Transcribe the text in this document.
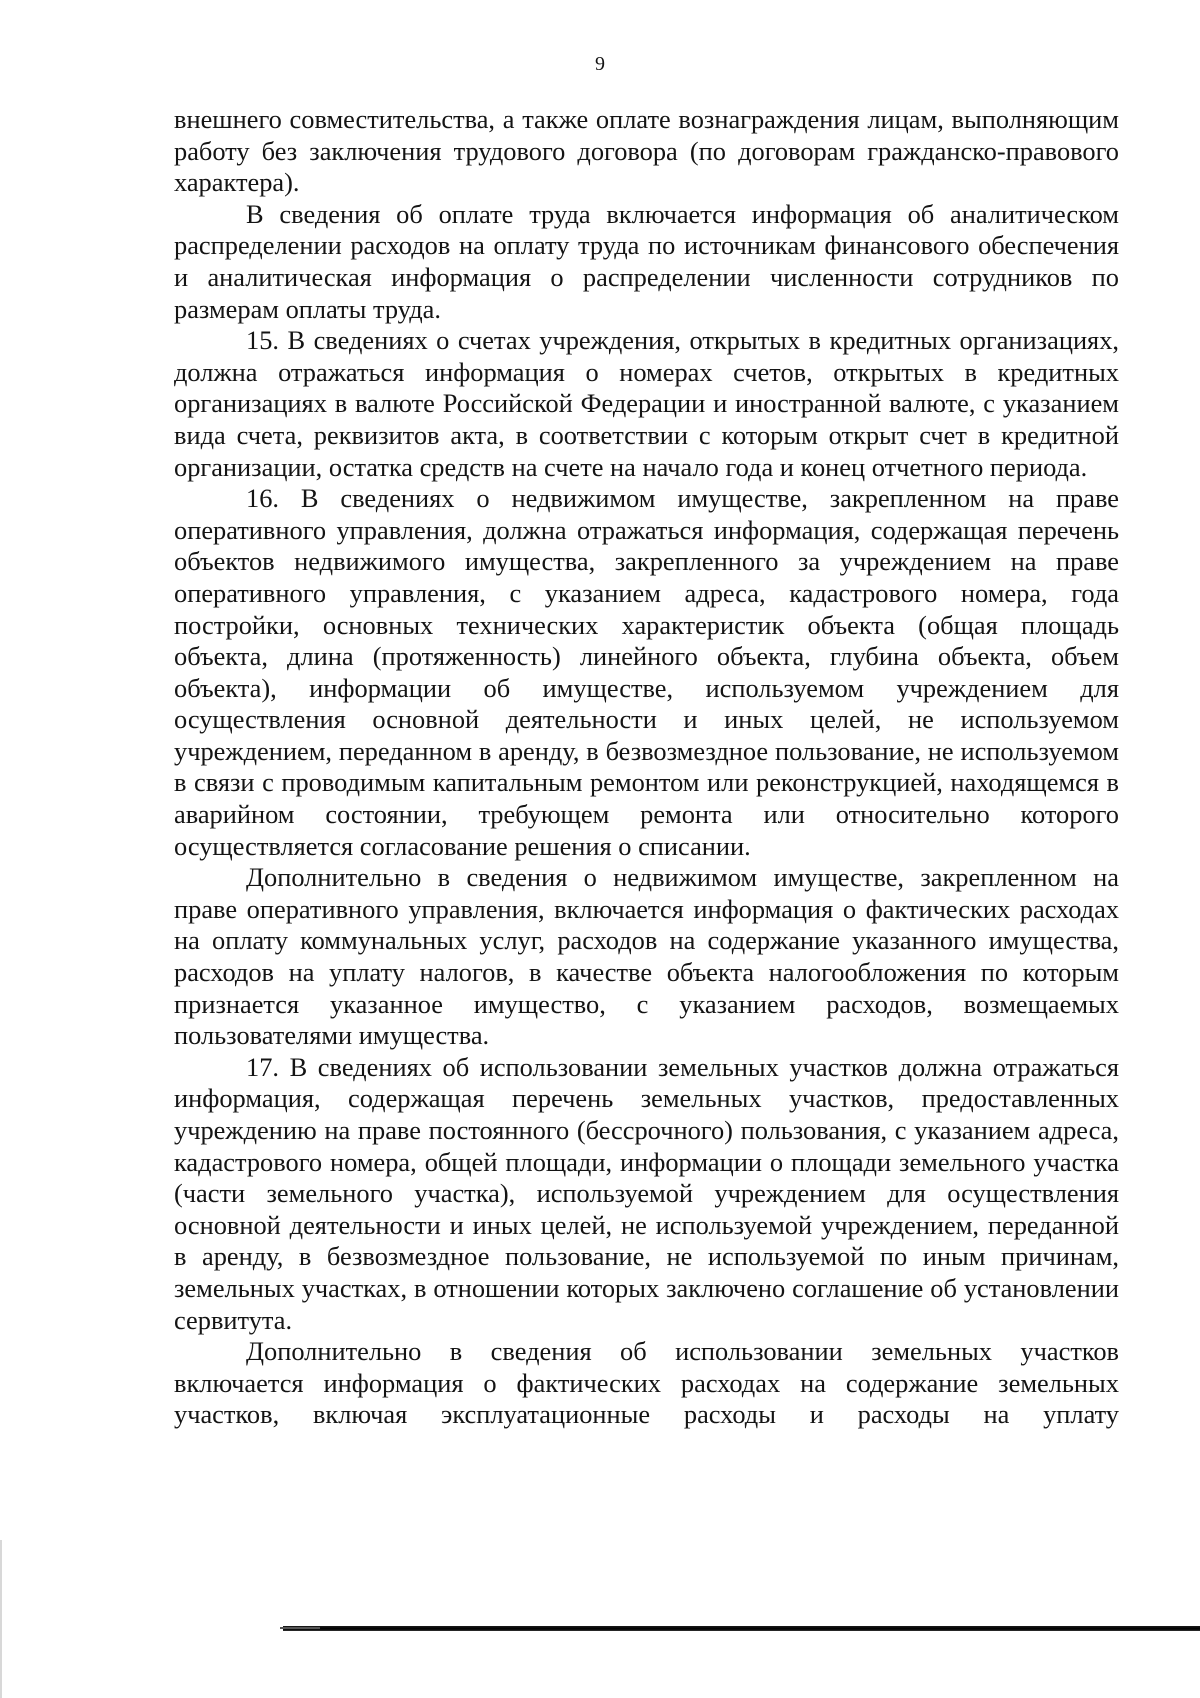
9

внешнего совместительства, а также оплате вознаграждения лицам, выполняющим работу без заключения трудового договора (по договорам гражданско-правового характера).

В сведения об оплате труда включается информация об аналитическом распределении расходов на оплату труда по источникам финансового обеспечения и аналитическая информация о распределении численности сотрудников по размерам оплаты труда.

15. В сведениях о счетах учреждения, открытых в кредитных организациях, должна отражаться информация о номерах счетов, открытых в кредитных организациях в валюте Российской Федерации и иностранной валюте, с указанием вида счета, реквизитов акта, в соответствии с которым открыт счет в кредитной организации, остатка средств на счете на начало года и конец отчетного периода.

16. В сведениях о недвижимом имуществе, закрепленном на праве оперативного управления, должна отражаться информация, содержащая перечень объектов недвижимого имущества, закрепленного за учреждением на праве оперативного управления, с указанием адреса, кадастрового номера, года постройки, основных технических характеристик объекта (общая площадь объекта, длина (протяженность) линейного объекта, глубина объекта, объем объекта), информации об имуществе, используемом учреждением для осуществления основной деятельности и иных целей, не используемом учреждением, переданном в аренду, в безвозмездное пользование, не используемом в связи с проводимым капитальным ремонтом или реконструкцией, находящемся в аварийном состоянии, требующем ремонта или относительно которого осуществляется согласование решения о списании.

Дополнительно в сведения о недвижимом имуществе, закрепленном на праве оперативного управления, включается информация о фактических расходах на оплату коммунальных услуг, расходов на содержание указанного имущества, расходов на уплату налогов, в качестве объекта налогообложения по которым признается указанное имущество, с указанием расходов, возмещаемых пользователями имущества.

17. В сведениях об использовании земельных участков должна отражаться информация, содержащая перечень земельных участков, предоставленных учреждению на праве постоянного (бессрочного) пользования, с указанием адреса, кадастрового номера, общей площади, информации о площади земельного участка (части земельного участка), используемой учреждением для осуществления основной деятельности и иных целей, не используемой учреждением, переданной в аренду, в безвозмездное пользование, не используемой по иным причинам, земельных участках, в отношении которых заключено соглашение об установлении сервитута.

Дополнительно в сведения об использовании земельных участков включается информация о фактических расходах на содержание земельных участков, включая эксплуатационные расходы и расходы на уплату
